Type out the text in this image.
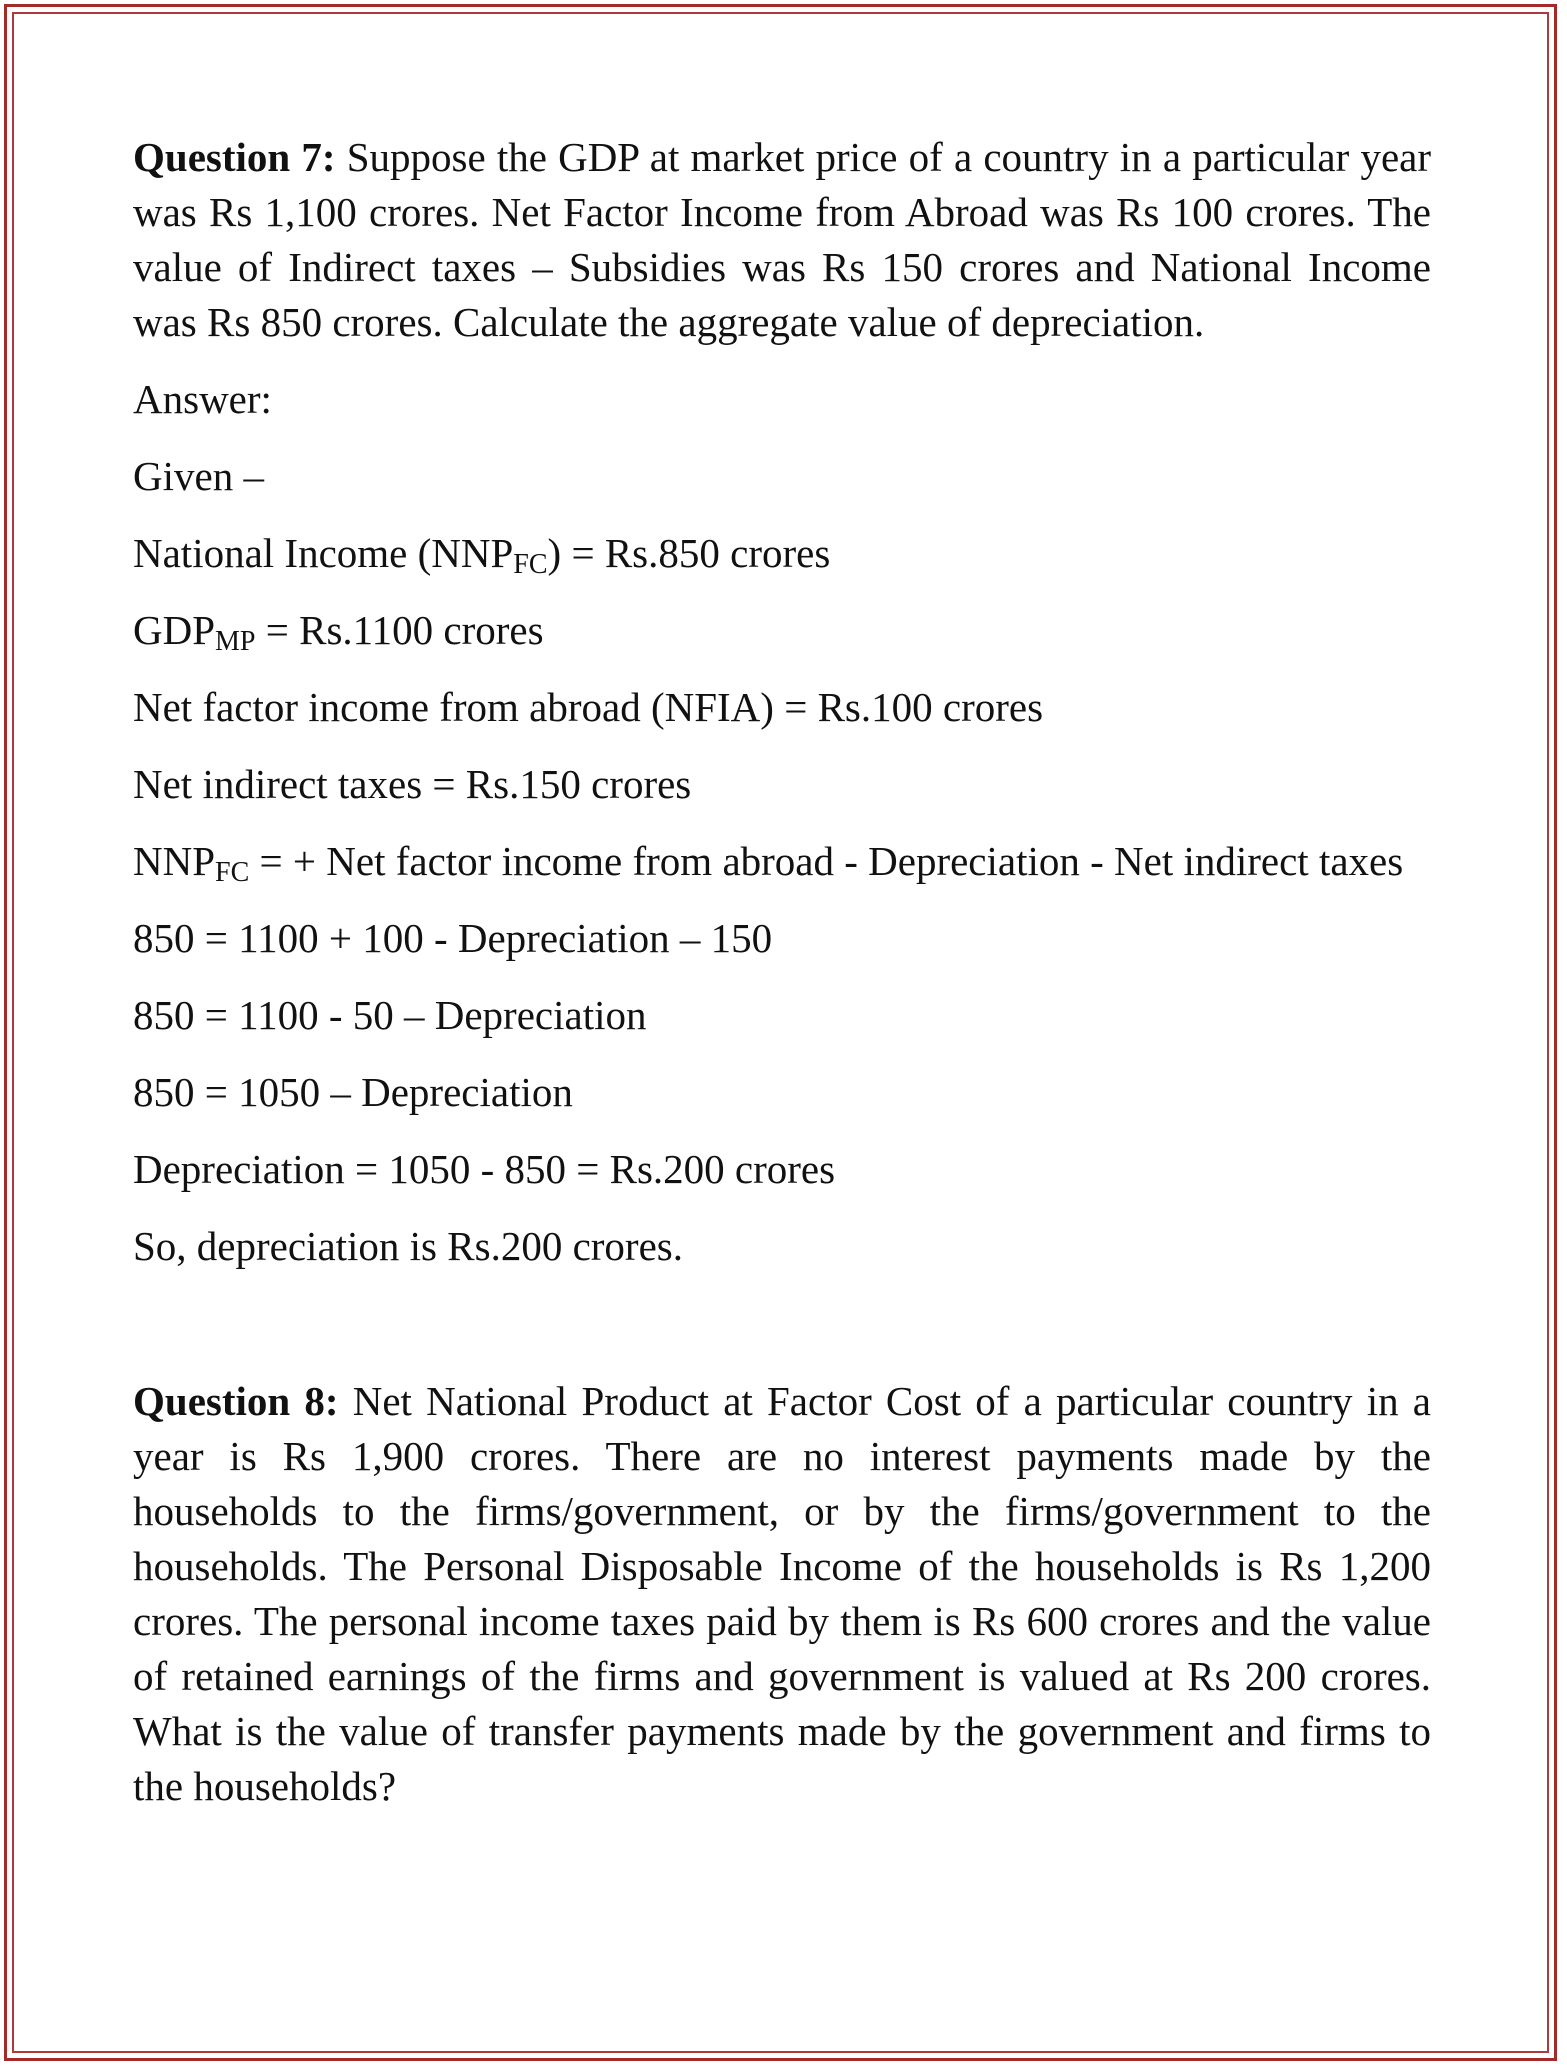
Question 7: Suppose the GDP at market price of a country in a particular year was Rs 1,100 crores. Net Factor Income from Abroad was Rs 100 crores. The value of Indirect taxes – Subsidies was Rs 150 crores and National Income was Rs 850 crores. Calculate the aggregate value of depreciation.

Answer:

Given –

National Income $(NNP_{FC}) = Rs.850$ crores

$GDP_{MP} = Rs.1100$ crores

Net factor income from abroad (NFIA) = Rs.100 crores

Net indirect taxes = Rs.150 crores

$NNP_{FC}$ = + Net factor income from abroad - Depreciation - Net indirect taxes

850 = 1100 + 100 - Depreciation – 150

850 = 1100 - 50 – Depreciation

850 = 1050 – Depreciation

Depreciation = 1050 - 850 = Rs.200 crores

So, depreciation is Rs.200 crores.

Question 8: Net National Product at Factor Cost of a particular country in a year is Rs 1,900 crores. There are no interest payments made by the households to the firms/government, or by the firms/government to the households. The Personal Disposable Income of the households is Rs 1,200 crores. The personal income taxes paid by them is Rs 600 crores and the value of retained earnings of the firms and government is valued at Rs 200 crores. What is the value of transfer payments made by the government and firms to the households?
